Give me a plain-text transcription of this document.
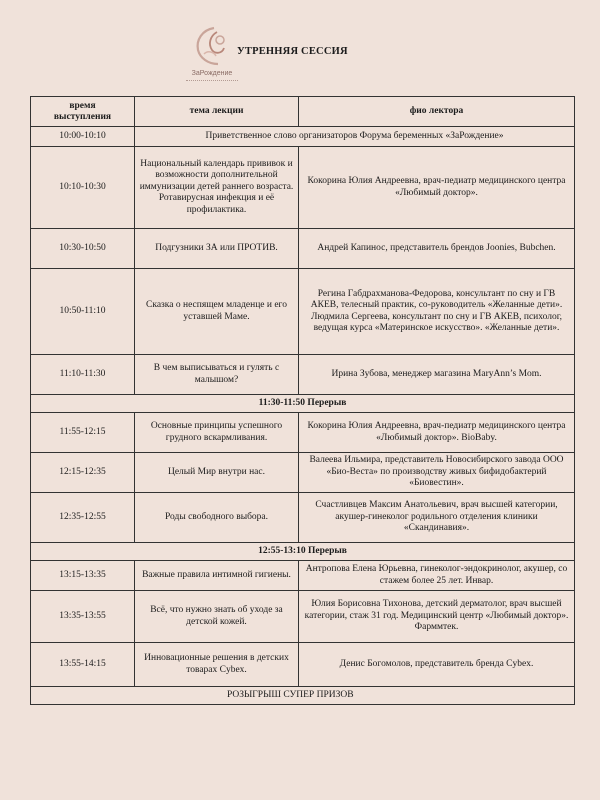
ЗаРождение
УТРЕННЯЯ СЕССИЯ
время
выступления	тема лекции	фио лектора
10:00-10:10	Приветственное слово организаторов Форума беременных «ЗаРождение»	
10:10-10:30	Национальный календарь прививок и возможности дополнительной иммунизации детей раннего возраста. Ротавирусная инфекция и её профилактика.	Кокорина Юлия Андреевна, врач-педиатр медицинского центра «Любимый доктор».
10:30-10:50	Подгузники ЗА или ПРОТИВ.	Андрей Капинос, представитель брендов Joonies, Bubchen.
10:50-11:10	Сказка о неспящем младенце и его уставшей Маме.	Регина Габдрахманова-Федорова, консультант по сну и ГВ АКЕВ, телесный практик, со-руководитель «Желанные дети». Людмила Сергеева, консультант по сну и ГВ АКЕВ, психолог, ведущая курса «Материнское искусство». «Желанные дети».
11:10-11:30	В чем выписываться и гулять с малышом?	Ирина Зубова, менеджер магазина MaryAnn’s Mom.
11:30-11:50 Перерыв		
11:55-12:15	Основные принципы успешного грудного вскармливания.	Кокорина Юлия Андреевна, врач-педиатр медицинского центра «Любимый доктор». BioBaby.
12:15-12:35	Целый Мир внутри нас.	Валеева Ильмира, представитель Новосибирского завода ООО «Био-Веста» по производству живых бифидобактерий «Биовестин».
12:35-12:55	Роды свободного выбора.	Счастливцев Максим Анатольевич, врач высшей категории, акушер-гинеколог родильного отделения клиники «Скандинавия».
12:55-13:10 Перерыв		
13:15-13:35	Важные правила интимной гигиены.	Антропова Елена Юрьевна, гинеколог-эндокринолог, акушер, со стажем более 25 лет. Инвар.
13:35-13:55	Всё, что нужно знать об уходе за детской кожей.	Юлия Борисовна Тихонова, детский дерматолог, врач высшей категории, стаж 31 год. Медицинский центр «Любимый доктор». Фарммтек.
13:55-14:15	Инновационные решения в детских товарах Cybex.	Денис Богомолов, представитель бренда Cybex.
РОЗЫГРЫШ СУПЕР ПРИЗОВ		
